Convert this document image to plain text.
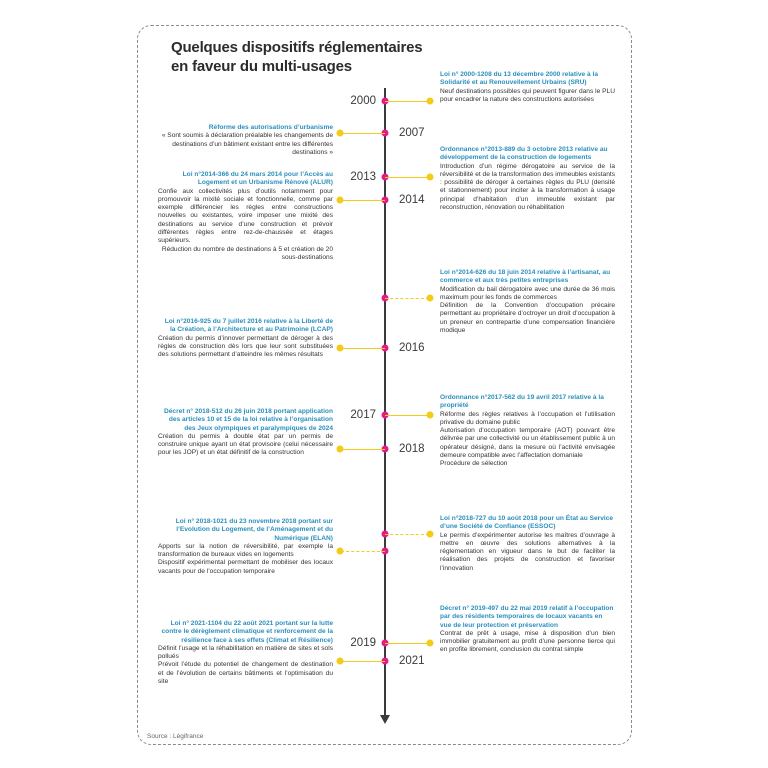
Quelques dispositifs réglementaires en faveur du multi-usages
2000
2007
2013
2014
2016
2017
2018
2019
2021

Loi n° 2000-1208 du 13 décembre 2000 relative à la Solidarité et au Renouvellement Urbains (SRU)

Neuf destinations possibles qui peuvent figurer dans le PLU pour encadrer la nature des constructions autorisées

Ordonnance n°2013-889 du 3 octobre 2013 relative au développement de la construction de logements

Introduction d’un régime dérogatoire au service de la réversibilité et de la transformation des immeubles existants : possibilité de déroger à certaines règles du PLU (densité et stationnement) pour inciter à la transformation à usage principal d’habitation d’un immeuble existant par reconstruction, rénovation ou réhabilitation

Loi n°2014-626 du 18 juin 2014 relative à l’artisanat, au commerce et aux très petites entreprises

Modification du bail dérogatoire avec une durée de 36 mois maximum pour les fonds de commerces

Définition de la Convention d’occupation précaire permettant au propriétaire d’octroyer un droit d’occupation à un preneur en contrepartie d’une compensation financière modique

Ordonnance n°2017-562 du 19 avril 2017 relative à la propriété

Réforme des règles relatives à l’occupation et l’utilisation privative du domaine public

Autorisation d’occupation temporaire (AOT) pouvant être délivrée par une collectivité ou un établissement public à un opérateur désigné, dans la mesure où l’activité envisagée demeure compatible avec l’affectation domaniale

Procédure de sélection

Loi n°2018-727 du 10 août 2018 pour un État au Service d’une Société de Confiance (ESSOC)

Le permis d’expérimenter autorise les maîtres d’ouvrage à mettre en œuvre des solutions alternatives à la réglementation en vigueur dans le but de faciliter la réalisation des projets de construction et favoriser l’innovation

Décret n° 2019-497 du 22 mai 2019 relatif à l’occupation par des résidents temporaires de locaux vacants en vue de leur protection et préservation

Contrat de prêt à usage, mise à disposition d’un bien immobilier gratuitement au profit d’une personne tierce qui en profite librement, conclusion du contrat simple

Réforme des autorisations d’urbanisme

« Sont soumis à déclaration préalable les changements de destinations d’un bâtiment existant entre les différentes destinations »

Loi n°2014-366 du 24 mars 2014 pour l’Accès au Logement et un Urbanisme Rénové (ALUR)

Confie aux collectivités plus d’outils notamment pour promouvoir la mixité sociale et fonctionnelle, comme par exemple différencier les règles entre constructions nouvelles ou existantes, voire imposer une mixité des destinations au service d’une construction et prévoir différentes règles entre rez-de-chaussée et étages supérieurs.

Réduction du nombre de destinations à 5 et création de 20 sous-destinations

Loi n°2016-925 du 7 juillet 2016 relative à la Liberté de la Création, à l’Architecture et au Patrimoine (LCAP)

Création du permis d’innover permettant de déroger à des règles de construction dès lors que leur sont substituées des solutions permettant d’atteindre les mêmes résultats

Décret n° 2018-512 du 26 juin 2018 portant application des articles 10 et 15 de la loi relative à l’organisation des Jeux olympiques et paralympiques de 2024

Création du permis à double état par un permis de construire unique ayant un état provisoire (celui nécessaire pour les JOP) et un état définitif de la construction

Loi n° 2018-1021 du 23 novembre 2018 portant sur l’Evolution du Logement, de l’Aménagement et du Numérique (ELAN)

Apports sur la notion de réversibilité, par exemple la transformation de bureaux vides en logements

Dispositif expérimental permettant de mobiliser des locaux vacants pour de l’occupation temporaire

Loi n° 2021-1104 du 22 août 2021 portant sur la lutte contre le dérèglement climatique et renforcement de la résilience face à ses effets (Climat et Résilience)

Définit l’usage et la réhabilitation en matière de sites et sols pollués

Prévoit l’étude du potentiel de changement de destination et de l’évolution de certains bâtiments et l’optimisation du site

Source : Légifrance
